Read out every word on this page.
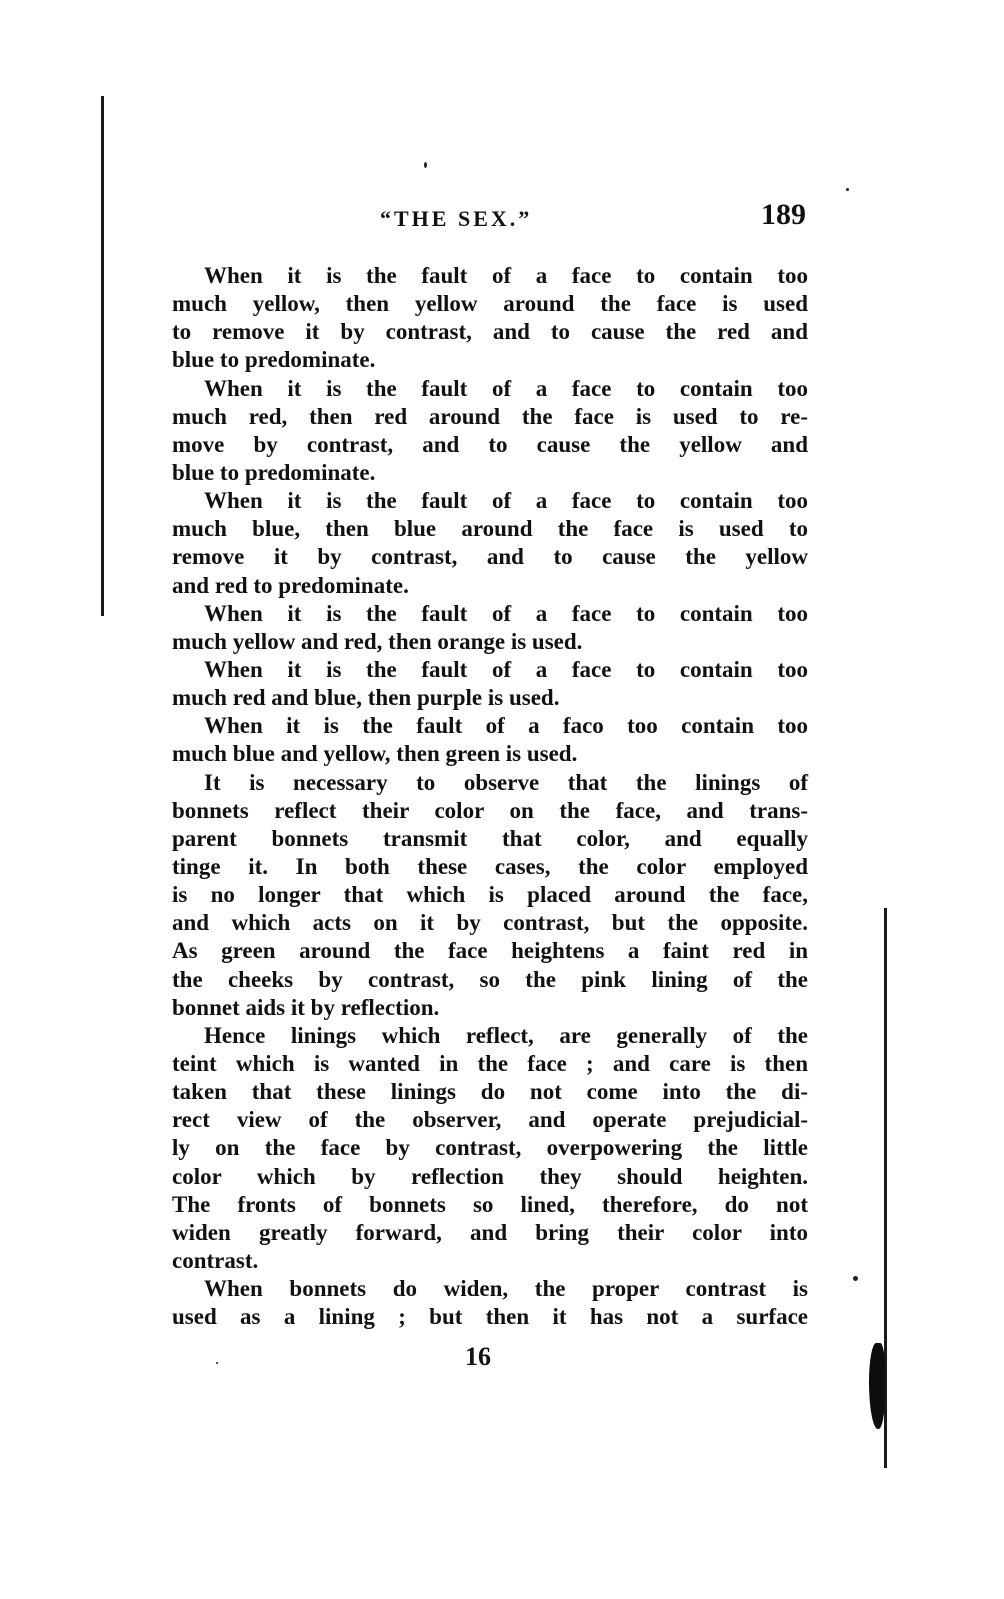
“THE SEX.”	189
When it is the fault of a face to contain too
much yellow, then yellow around the face is used
to remove it by contrast, and to cause the red and
blue to predominate.
When it is the fault of a face to contain too
much red, then red around the face is used to re-
move by contrast, and to cause the yellow and
blue to predominate.
When it is the fault of a face to contain too
much blue, then blue around the face is used to
remove it by contrast, and to cause the yellow
and red to predominate.
When it is the fault of a face to contain too
much yellow and red, then orange is used.
When it is the fault of a face to contain too
much red and blue, then purple is used.
When it is the fault of a faco too contain too
much blue and yellow, then green is used.
It is necessary to observe that the linings of
bonnets reflect their color on the face, and trans-
parent bonnets transmit that color, and equally
tinge it. In both these cases, the color employed
is no longer that which is placed around the face,
and which acts on it by contrast, but the opposite.
As green around the face heightens a faint red in
the cheeks by contrast, so the pink lining of the
bonnet aids it by reflection.
Hence linings which reflect, are generally of the
teint which is wanted in the face ; and care is then
taken that these linings do not come into the di-
rect view of the observer, and operate prejudicial-
ly on the face by contrast, overpowering the little
color which by reflection they should heighten.
The fronts of bonnets so lined, therefore, do not
widen greatly forward, and bring their color into
contrast.
When bonnets do widen, the proper contrast is
used as a lining ; but then it has not a surface
16
